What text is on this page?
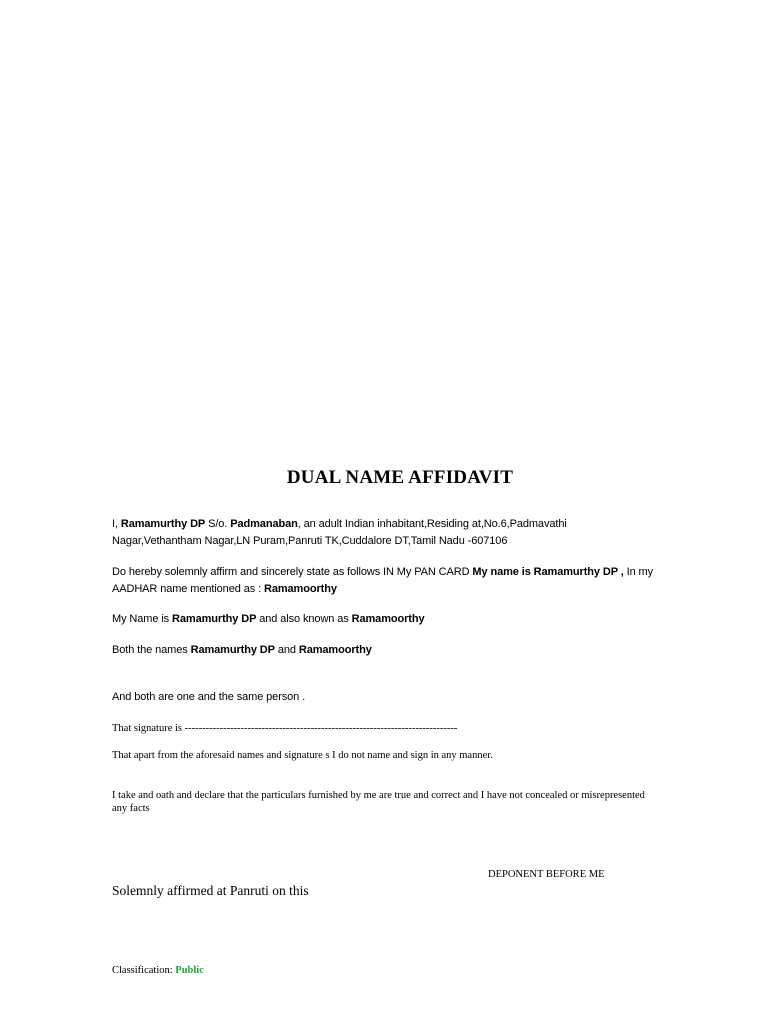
DUAL NAME AFFIDAVIT
I, Ramamurthy DP S/o. Padmanaban, an adult Indian inhabitant,Residing at,No.6,Padmavathi
Nagar,Vethantham Nagar,LN Puram,Panruti TK,Cuddalore DT,Tamil Nadu -607106
Do hereby solemnly affirm and sincerely state as follows IN My PAN CARD My name is Ramamurthy DP , In my
AADHAR name mentioned as : Ramamoorthy
My Name is Ramamurthy DP and also known as Ramamoorthy
Both the names Ramamurthy DP and Ramamoorthy
And both are one and the same person .
That signature is ------------------------------------------------------------------------------
That apart from the aforesaid names and signature s I do not name and sign in any manner.
I take and oath and declare that the particulars furnished by me are true and correct and I have not concealed or misrepresented
any facts
DEPONENT BEFORE ME
Solemnly affirmed at Panruti on this
Classification: Public
